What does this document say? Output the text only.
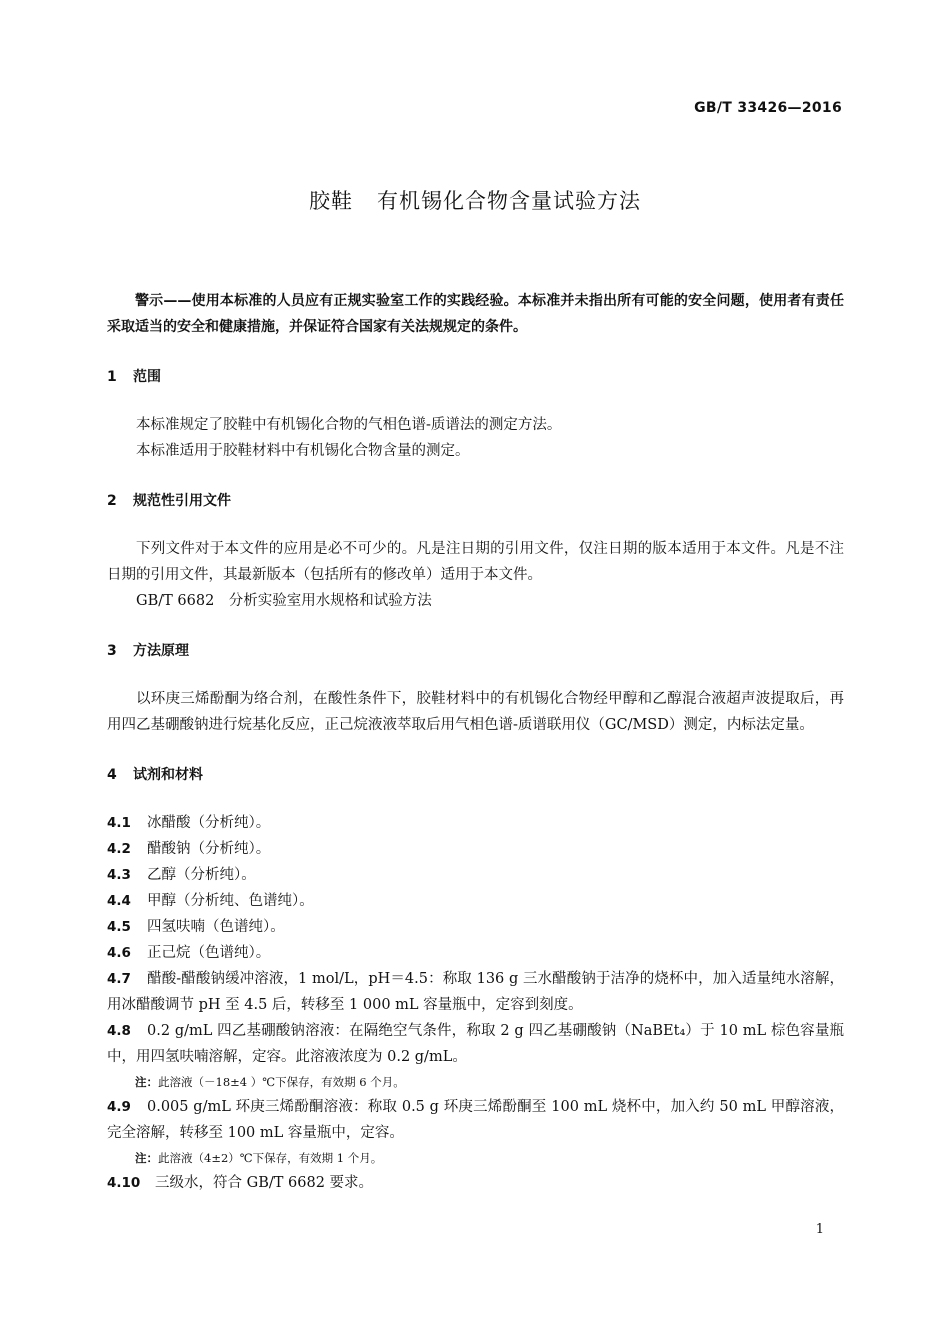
GB/T 33426—2016
胶鞋 有机锡化合物含量试验方法

警示——使用本标准的人员应有正规实验室工作的实践经验。本标准并未指出所有可能的安全问题，使用者有责任采取适当的安全和健康措施，并保证符合国家有关法规规定的条件。

1 范围

本标准规定了胶鞋中有机锡化合物的气相色谱-质谱法的测定方法。

本标准适用于胶鞋材料中有机锡化合物含量的测定。

2 规范性引用文件

下列文件对于本文件的应用是必不可少的。凡是注日期的引用文件，仅注日期的版本适用于本文件。凡是不注日期的引用文件，其最新版本（包括所有的修改单）适用于本文件。

GB/T 6682　分析实验室用水规格和试验方法

3 方法原理

以环庚三烯酚酮为络合剂，在酸性条件下，胶鞋材料中的有机锡化合物经甲醇和乙醇混合液超声波提取后，再用四乙基硼酸钠进行烷基化反应，正己烷液液萃取后用气相色谱-质谱联用仪（GC/MSD）测定，内标法定量。

4 试剂和材料

4.1 冰醋酸（分析纯）。

4.2 醋酸钠（分析纯）。

4.3 乙醇（分析纯）。

4.4 甲醇（分析纯、色谱纯）。

4.5 四氢呋喃（色谱纯）。

4.6 正己烷（色谱纯）。

4.7 醋酸-醋酸钠缓冲溶液，1 mol/L，pH＝4.5：称取 136 g 三水醋酸钠于洁净的烧杯中，加入适量纯水溶解，用冰醋酸调节 pH 至 4.5 后，转移至 1 000 mL 容量瓶中，定容到刻度。

4.8 0.2 g/mL 四乙基硼酸钠溶液：在隔绝空气条件，称取 2 g 四乙基硼酸钠（NaBEt₄）于 10 mL 棕色容量瓶中，用四氢呋喃溶解，定容。此溶液浓度为 0.2 g/mL。

注：此溶液（－18±4 ）℃下保存，有效期 6 个月。

4.9 0.005 g/mL 环庚三烯酚酮溶液：称取 0.5 g 环庚三烯酚酮至 100 mL 烧杯中，加入约 50 mL 甲醇溶液，完全溶解，转移至 100 mL 容量瓶中，定容。

注：此溶液（4±2）℃下保存，有效期 1 个月。

4.10 三级水，符合 GB/T 6682 要求。

1
